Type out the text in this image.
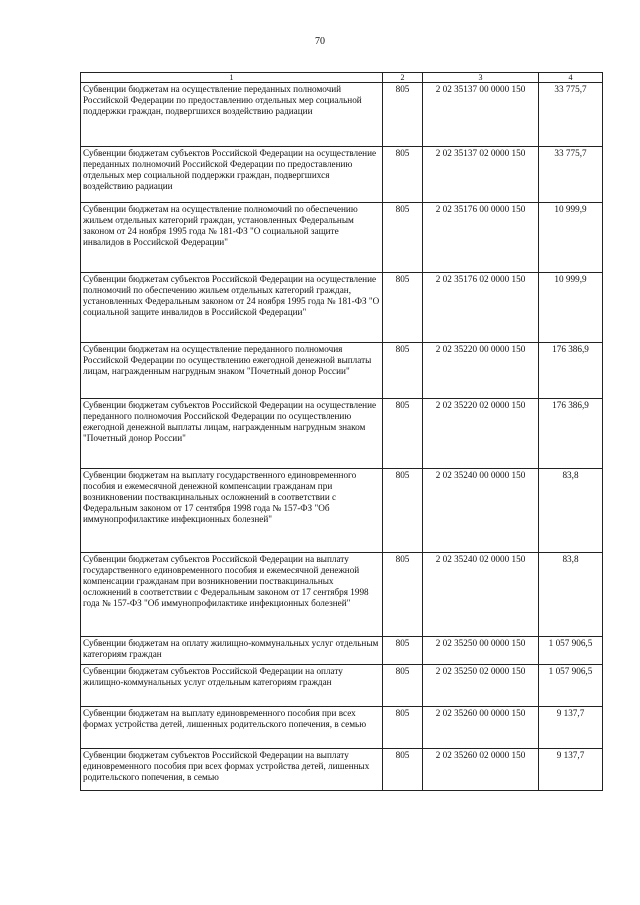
70
1	2	3	4
Субвенции бюджетам на осуществление переданных полномочий Российской Федерации по предоставлению отдельных мер социальной поддержки граждан, подвергшихся воздействию радиации	805	2 02 35137 00 0000 150	33 775,7
Субвенции бюджетам субъектов Российской Федерации на осуществление переданных полномочий Российской Федерации по предоставлению отдельных мер социальной поддержки граждан, подвергшихся воздействию радиации	805	2 02 35137 02 0000 150	33 775,7
Субвенции бюджетам на осуществление полномочий по обеспечению жильем отдельных категорий граждан, установленных Федеральным законом от 24 ноября 1995 года № 181-ФЗ "О социальной защите инвалидов в Российской Федерации"	805	2 02 35176 00 0000 150	10 999,9
Субвенции бюджетам субъектов Российской Федерации на осуществление полномочий по обеспечению жильем отдельных категорий граждан, установленных Федеральным законом от 24 ноября 1995 года № 181-ФЗ "О социальной защите инвалидов в Российской Федерации"	805	2 02 35176 02 0000 150	10 999,9
Субвенции бюджетам на осуществление переданного полномочия Российской Федерации по осуществлению ежегодной денежной выплаты лицам, награжденным нагрудным знаком "Почетный донор России"	805	2 02 35220 00 0000 150	176 386,9
Субвенции бюджетам субъектов Российской Федерации на осуществление переданного полномочия Российской Федерации по осуществлению ежегодной денежной выплаты лицам, награжденным нагрудным знаком "Почетный донор России"	805	2 02 35220 02 0000 150	176 386,9
Субвенции бюджетам на выплату государственного единовременного пособия и ежемесячной денежной компенсации гражданам при возникновении поствакцинальных осложнений в соответствии с Федеральным законом от 17 сентября 1998 года № 157-ФЗ "Об иммунопрофилактике инфекционных болезней"	805	2 02 35240 00 0000 150	83,8
Субвенции бюджетам субъектов Российской Федерации на выплату государственного единовременного пособия и ежемесячной денежной компенсации гражданам при возникновении поствакцинальных осложнений в соответствии с Федеральным законом от 17 сентября 1998 года № 157-ФЗ "Об иммунопрофилактике инфекционных болезней"	805	2 02 35240 02 0000 150	83,8
Субвенции бюджетам на оплату жилищно-коммунальных услуг отдельным категориям граждан	805	2 02 35250 00 0000 150	1 057 906,5
Субвенции бюджетам субъектов Российской Федерации на оплату жилищно-коммунальных услуг отдельным категориям граждан	805	2 02 35250 02 0000 150	1 057 906,5
Субвенции бюджетам на выплату единовременного пособия при всех формах устройства детей, лишенных родительского попечения, в семью	805	2 02 35260 00 0000 150	9 137,7
Субвенции бюджетам субъектов Российской Федерации на выплату единовременного пособия при всех формах устройства детей, лишенных родительского попечения, в семью	805	2 02 35260 02 0000 150	9 137,7
